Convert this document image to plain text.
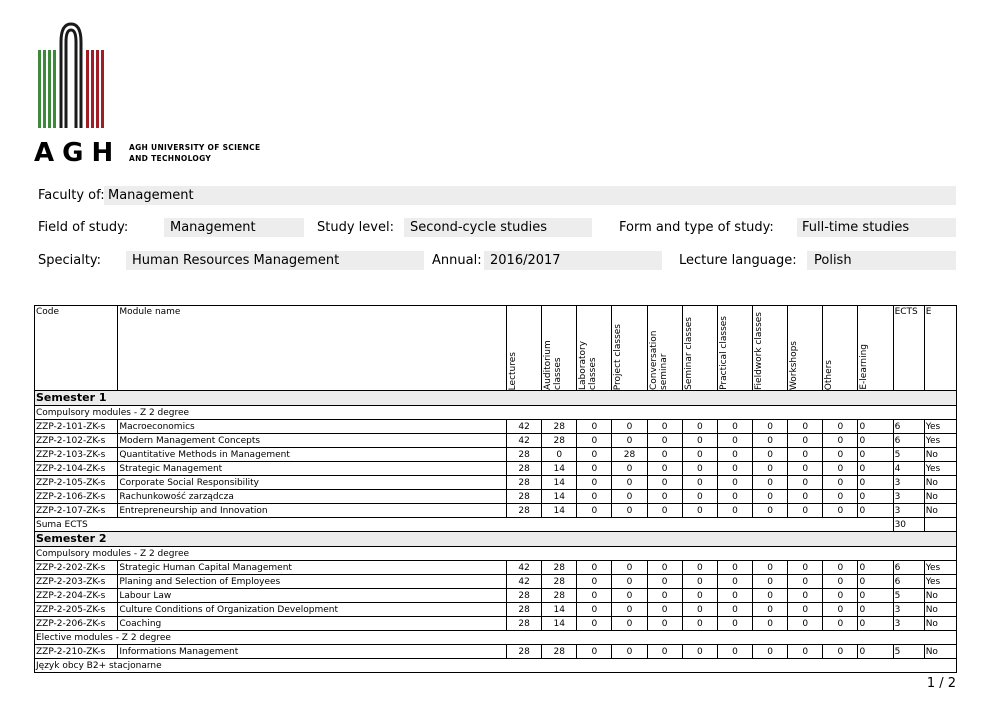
AGH AGH UNIVERSITY OF SCIENCE
AND TECHNOLOGY
Faculty of: Management
Field of study:	Management	Study level: Second-cycle studies	Form and type of study: Full-time studies
Specialty: Human Resources Management	Annual: 2016/2017	Lecture language: Polish
Code	Module name	Lectures	Auditorium classes	Laboratory classes	Project classes	Conversation seminar	Seminar classes	Practical classes	Fieldwork classes	Workshops	Others	E-learning	ECTS	E
Semester 1														
Compulsory modules - Z 2 degree														
ZZP-2-101-ZK-s	Macroeconomics	42	28	0	0	0	0	0	0	0	0	0	6	Yes
ZZP-2-102-ZK-s	Modern Management Concepts	42	28	0	0	0	0	0	0	0	0	0	6	Yes
ZZP-2-103-ZK-s	Quantitative Methods in Management	28	0	0	28	0	0	0	0	0	0	0	5	No
ZZP-2-104-ZK-s	Strategic Management	28	14	0	0	0	0	0	0	0	0	0	4	Yes
ZZP-2-105-ZK-s	Corporate Social Responsibility	28	14	0	0	0	0	0	0	0	0	0	3	No
ZZP-2-106-ZK-s	Rachunkowość zarządcza	28	14	0	0	0	0	0	0	0	0	0	3	No
ZZP-2-107-ZK-s	Entrepreneurship and Innovation	28	14	0	0	0	0	0	0	0	0	0	3	No
Suma ECTS													30	
Semester 2														
Compulsory modules - Z 2 degree														
ZZP-2-202-ZK-s	Strategic Human Capital Management	42	28	0	0	0	0	0	0	0	0	0	6	Yes
ZZP-2-203-ZK-s	Planing and Selection of Employees	42	28	0	0	0	0	0	0	0	0	0	6	Yes
ZZP-2-204-ZK-s	Labour Law	28	28	0	0	0	0	0	0	0	0	0	5	No
ZZP-2-205-ZK-s	Culture Conditions of Organization Development	28	14	0	0	0	0	0	0	0	0	0	3	No
ZZP-2-206-ZK-s	Coaching	28	14	0	0	0	0	0	0	0	0	0	3	No
Elective modules - Z 2 degree														
ZZP-2-210-ZK-s	Informations Management	28	28	0	0	0	0	0	0	0	0	0	5	No
Język obcy B2+ stacjonarne														
1 / 2
